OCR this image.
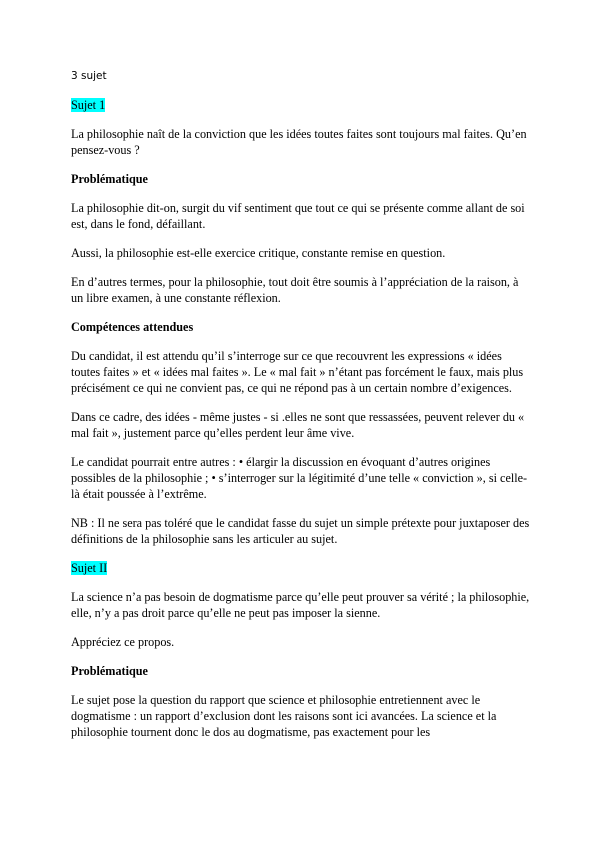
3 sujet

Sujet 1

La philosophie naît de la conviction que les idées toutes faites sont toujours mal faites. Qu’en pensez-vous ?

Problématique

La philosophie dit-on, surgit du vif sentiment que tout ce qui se présente comme allant de soi est, dans le fond, défaillant.

Aussi, la philosophie est-elle exercice critique, constante remise en question.

En d’autres termes, pour la philosophie, tout doit être soumis à l’appréciation de la raison, à un libre examen, à une constante réflexion.

Compétences attendues

Du candidat, il est attendu qu’il s’interroge sur ce que recouvrent les expressions « idées toutes faites » et « idées mal faites ». Le « mal fait » n’étant pas forcément le faux, mais plus précisément ce qui ne convient pas, ce qui ne répond pas à un certain nombre d’exigences.

Dans ce cadre, des idées - même justes - si .elles ne sont que ressassées, peuvent relever du « mal fait », justement parce qu’elles perdent leur âme vive.

Le candidat pourrait entre autres : • élargir la discussion en évoquant d’autres origines possibles de la philosophie ; • s’interroger sur la légitimité d’une telle « conviction », si celle-là était poussée à l’extrême.

NB : Il ne sera pas toléré que le candidat fasse du sujet un simple prétexte pour juxtaposer des définitions de la philosophie sans les articuler au sujet.

Sujet II

La science n’a pas besoin de dogmatisme parce qu’elle peut prouver sa vérité ; la philosophie, elle, n’y a pas droit parce qu’elle ne peut pas imposer la sienne.

Appréciez ce propos.

Problématique

Le sujet pose la question du rapport que science et philosophie entretiennent avec le dogmatisme : un rapport d’exclusion dont les raisons sont ici avancées. La science et la philosophie tournent donc le dos au dogmatisme, pas exactement pour les
